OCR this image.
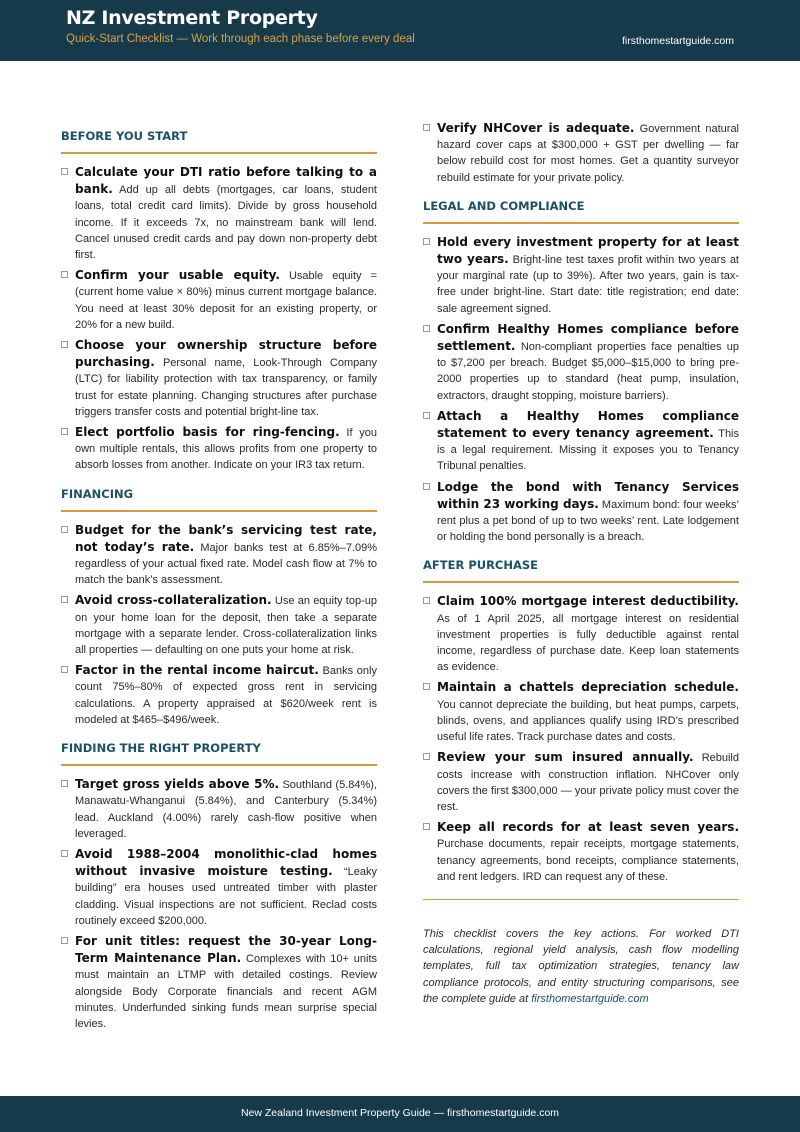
NZ Investment Property
Quick-Start Checklist — Work through each phase before every deal	firsthomestartguide.com
BEFORE YOU START
Calculate your DTI ratio before talking to a bank. Add up all debts (mortgages, car loans, student loans, total credit card limits). Divide by gross household income. If it exceeds 7x, no mainstream bank will lend. Cancel unused credit cards and pay down non-property debt first.
Confirm your usable equity. Usable equity = (current home value × 80%) minus current mortgage balance. You need at least 30% deposit for an existing property, or 20% for a new build.
Choose your ownership structure before purchasing. Personal name, Look-Through Company (LTC) for liability protection with tax transparency, or family trust for estate planning. Changing structures after purchase triggers transfer costs and potential bright-line tax.
Elect portfolio basis for ring-fencing. If you own multiple rentals, this allows profits from one property to absorb losses from another. Indicate on your IR3 tax return.
FINANCING
Budget for the bank’s servicing test rate, not today’s rate. Major banks test at 6.85%–7.09% regardless of your actual fixed rate. Model cash flow at 7% to match the bank’s assessment.
Avoid cross-collateralization. Use an equity top-up on your home loan for the deposit, then take a separate mortgage with a separate lender. Cross-collateralization links all properties — defaulting on one puts your home at risk.
Factor in the rental income haircut. Banks only count 75%–80% of expected gross rent in servicing calculations. A property appraised at $620/week rent is modeled at $465–$496/week.
FINDING THE RIGHT PROPERTY
Target gross yields above 5%. Southland (5.84%), Manawatu-Whanganui (5.84%), and Canterbury (5.34%) lead. Auckland (4.00%) rarely cash-flow positive when leveraged.
Avoid 1988–2004 monolithic-clad homes without invasive moisture testing. “Leaky building” era houses used untreated timber with plaster cladding. Visual inspections are not sufficient. Reclad costs routinely exceed $200,000.
For unit titles: request the 30-year Long-Term Maintenance Plan. Complexes with 10+ units must maintain an LTMP with detailed costings. Review alongside Body Corporate financials and recent AGM minutes. Underfunded sinking funds mean surprise special levies.
Verify NHCover is adequate. Government natural hazard cover caps at $300,000 + GST per dwelling — far below rebuild cost for most homes. Get a quantity surveyor rebuild estimate for your private policy.
LEGAL AND COMPLIANCE
Hold every investment property for at least two years. Bright-line test taxes profit within two years at your marginal rate (up to 39%). After two years, gain is tax-free under bright-line. Start date: title registration; end date: sale agreement signed.
Confirm Healthy Homes compliance before settlement. Non-compliant properties face penalties up to $7,200 per breach. Budget $5,000–$15,000 to bring pre-2000 properties up to standard (heat pump, insulation, extractors, draught stopping, moisture barriers).
Attach a Healthy Homes compliance statement to every tenancy agreement. This is a legal requirement. Missing it exposes you to Tenancy Tribunal penalties.
Lodge the bond with Tenancy Services within 23 working days. Maximum bond: four weeks’ rent plus a pet bond of up to two weeks’ rent. Late lodgement or holding the bond personally is a breach.
AFTER PURCHASE
Claim 100% mortgage interest deductibility. As of 1 April 2025, all mortgage interest on residential investment properties is fully deductible against rental income, regardless of purchase date. Keep loan statements as evidence.
Maintain a chattels depreciation schedule. You cannot depreciate the building, but heat pumps, carpets, blinds, ovens, and appliances qualify using IRD’s prescribed useful life rates. Track purchase dates and costs.
Review your sum insured annually. Rebuild costs increase with construction inflation. NHCover only covers the first $300,000 — your private policy must cover the rest.
Keep all records for at least seven years. Purchase documents, repair receipts, mortgage statements, tenancy agreements, bond receipts, compliance statements, and rent ledgers. IRD can request any of these.
This checklist covers the key actions. For worked DTI calculations, regional yield analysis, cash flow modelling templates, full tax optimization strategies, tenancy law compliance protocols, and entity structuring comparisons, see the complete guide at firsthomestartguide.com
New Zealand Investment Property Guide — firsthomestartguide.com
